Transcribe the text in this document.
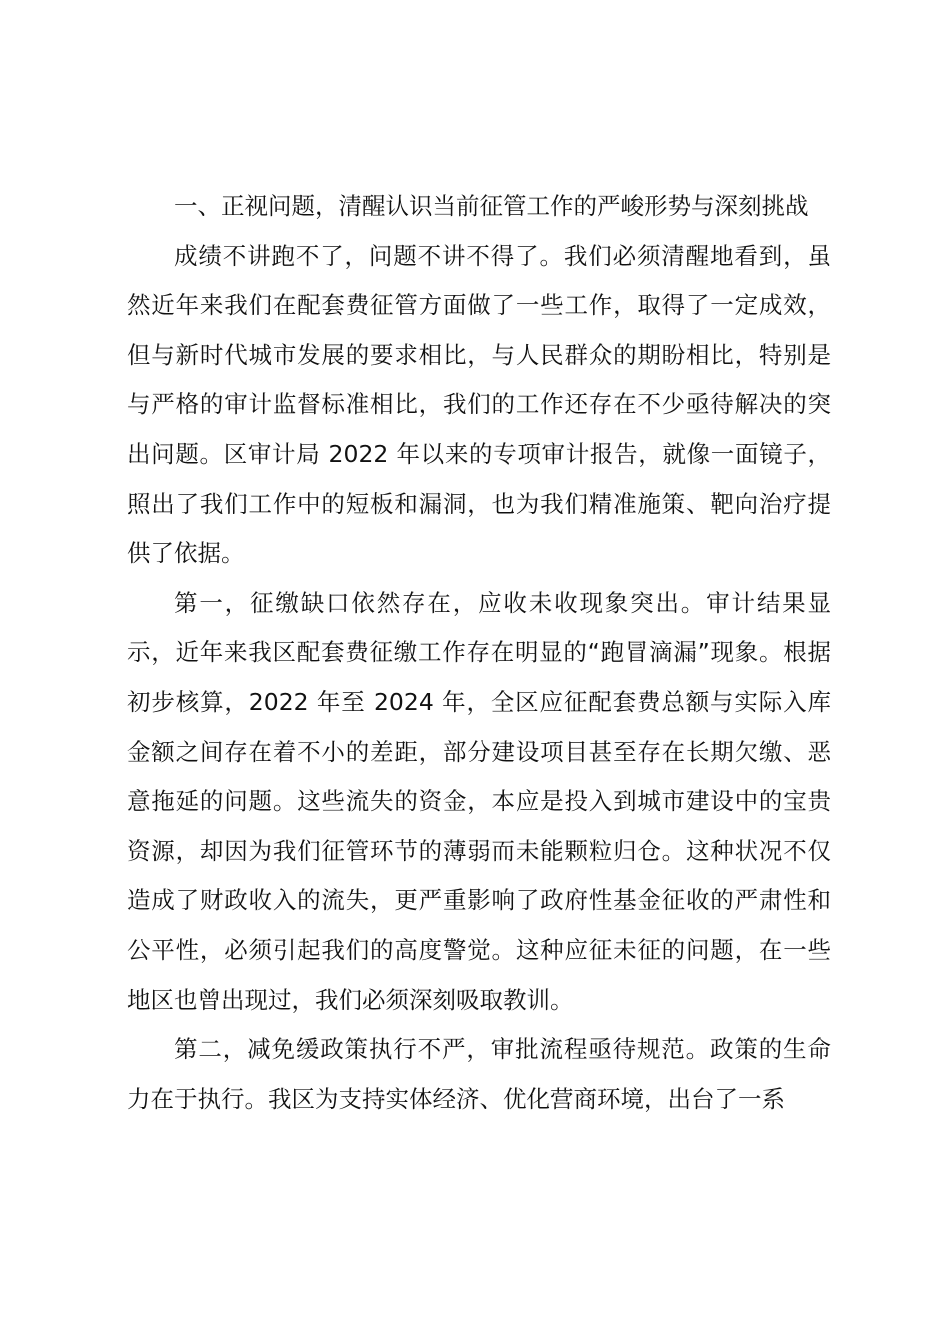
一、正视问题，清醒认识当前征管工作的严峻形势与深刻挑战

成绩不讲跑不了，问题不讲不得了。我们必须清醒地看到，虽然近年来我们在配套费征管方面做了一些工作，取得了一定成效，但与新时代城市发展的要求相比，与人民群众的期盼相比，特别是与严格的审计监督标准相比，我们的工作还存在不少亟待解决的突出问题。区审计局 2022 年以来的专项审计报告，就像一面镜子，照出了我们工作中的短板和漏洞，也为我们精准施策、靶向治疗提供了依据。

第一，征缴缺口依然存在，应收未收现象突出。审计结果显示，近年来我区配套费征缴工作存在明显的“跑冒滴漏”现象。根据初步核算，2022 年至 2024 年，全区应征配套费总额与实际入库金额之间存在着不小的差距，部分建设项目甚至存在长期欠缴、恶意拖延的问题。这些流失的资金，本应是投入到城市建设中的宝贵资源，却因为我们征管环节的薄弱而未能颗粒归仓。这种状况不仅造成了财政收入的流失，更严重影响了政府性基金征收的严肃性和公平性，必须引起我们的高度警觉。这种应征未征的问题，在一些地区也曾出现过，我们必须深刻吸取教训。

第二，减免缓政策执行不严，审批流程亟待规范。政策的生命力在于执行。我区为支持实体经济、优化营商环境，出台了一系
